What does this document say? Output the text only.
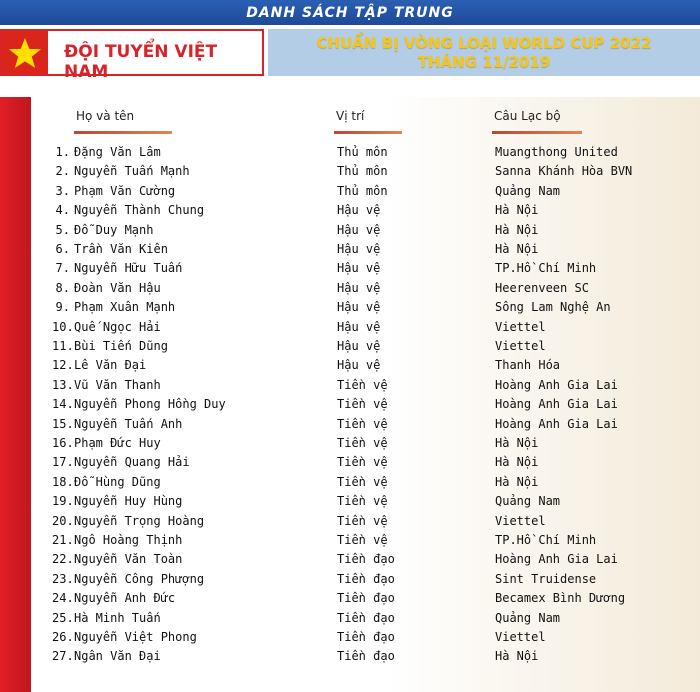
DANH SÁCH TẬP TRUNG
ĐỘI TUYỂN VIỆT NAM
CHUẨN BỊ VÒNG LOẠI WORLD CUP 2022
THÁNG 11/2019
Họ và tên	Vị trí	Câu Lạc bộ
1. Đặng Văn Lâm	Thủ môn	Muangthong United
2. Nguyễn Tuấn Mạnh	Thủ môn	Sanna Khánh Hòa BVN
3. Phạm Văn Cường	Thủ môn	Quảng Nam
4. Nguyễn Thành Chung	Hậu vệ	Hà Nội
5. Đỗ Duy Mạnh	Hậu vệ	Hà Nội
6. Trần Văn Kiên	Hậu vệ	Hà Nội
7. Nguyễn Hữu Tuấn	Hậu vệ	TP.Hồ Chí Minh
8. Đoàn Văn Hậu	Hậu vệ	Heerenveen SC
9. Phạm Xuân Mạnh	Hậu vệ	Sông Lam Nghệ An
10. Quế Ngọc Hải	Hậu vệ	Viettel
11. Bùi Tiến Dũng	Hậu vệ	Viettel
12. Lê Văn Đại	Hậu vệ	Thanh Hóa
13. Vũ Văn Thanh	Tiền vệ	Hoàng Anh Gia Lai
14. Nguyễn Phong Hồng Duy	Tiền vệ	Hoàng Anh Gia Lai
15. Nguyễn Tuấn Anh	Tiền vệ	Hoàng Anh Gia Lai
16. Phạm Đức Huy	Tiền vệ	Hà Nội
17. Nguyễn Quang Hải	Tiền vệ	Hà Nội
18. Đỗ Hùng Dũng	Tiền vệ	Hà Nội
19. Nguyễn Huy Hùng	Tiền vệ	Quảng Nam
20. Nguyễn Trọng Hoàng	Tiền vệ	Viettel
21. Ngô Hoàng Thịnh	Tiền vệ	TP.Hồ Chí Minh
22. Nguyễn Văn Toàn	Tiền đạo	Hoàng Anh Gia Lai
23. Nguyễn Công Phượng	Tiền đạo	Sint Truidense
24. Nguyễn Anh Đức	Tiền đạo	Becamex Bình Dương
25. Hà Minh Tuấn	Tiền đạo	Quảng Nam
26. Nguyễn Việt Phong	Tiền đạo	Viettel
27. Ngân Văn Đại	Tiền đạo	Hà Nội
